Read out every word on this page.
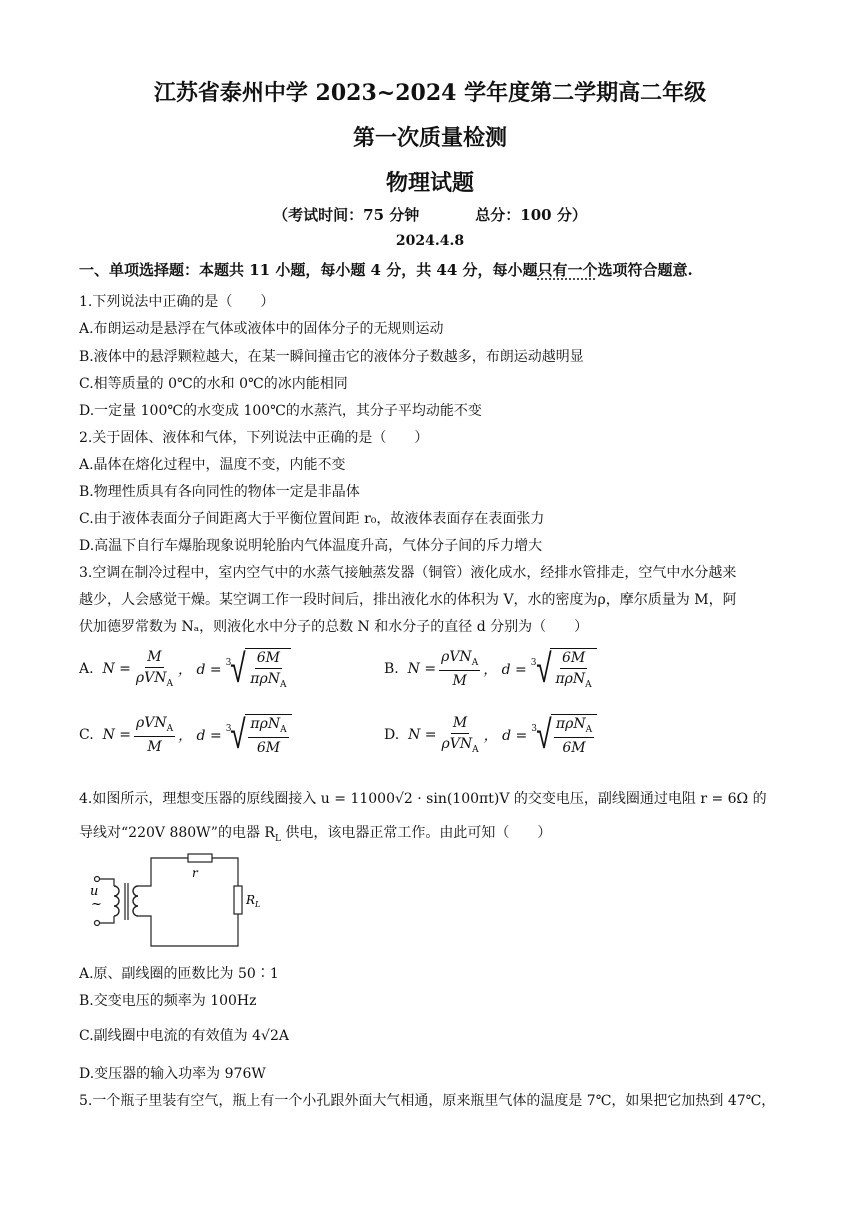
江苏省泰州中学 2023~2024 学年度第二学期高二年级
第一次质量检测
物理试题
（考试时间：75 分钟	总分：100 分）
2024.4.8
一、单项选择题：本题共 11 小题，每小题 4 分，共 44 分，每小题只有一个选项符合题意.
1.下列说法中正确的是（　　）
A.布朗运动是悬浮在气体或液体中的固体分子的无规则运动
B.液体中的悬浮颗粒越大，在某一瞬间撞击它的液体分子数越多，布朗运动越明显
C.相等质量的 0℃的水和 0℃的冰内能相同
D.一定量 100℃的水变成 100℃的水蒸汽，其分子平均动能不变
2.关于固体、液体和气体，下列说法中正确的是（　　）
A.晶体在熔化过程中，温度不变，内能不变
B.物理性质具有各向同性的物体一定是非晶体
C.由于液体表面分子间距离大于平衡位置间距 r₀，故液体表面存在表面张力
D.高温下自行车爆胎现象说明轮胎内气体温度升高，气体分子间的斥力增大
3.空调在制冷过程中，室内空气中的水蒸气接触蒸发器（铜管）液化成水，经排水管排走，空气中水分越来
越少，人会感觉干燥。某空调工作一段时间后，排出液化水的体积为 V，水的密度为ρ，摩尔质量为 M，阿
伏加德罗常数为 Nₐ，则液化水中分子的总数 N 和水分子的直径 d 分别为（　　）
A.
$N = \frac{M}{\rho VN_A}$ ， d = 3 √ $\frac{6M}{\pi\rho N_A}$	B.
$N = \frac{\rho VN_A}{M}$ ， d = 3 √ $\frac{6M}{\pi\rho N_A}$
C.
$N = \frac{\rho VN_A}{M}$ ， d = 3 √ $\frac{\pi\rho N_A}{6M}$	D.
$N = \frac{M}{\rho VN_A}$ ， d = 3 √ $\frac{\pi\rho N_A}{6M}$
4.如图所示，理想变压器的原线圈接入 u = 11000√2 · sin(100πt)V 的交变电压，副线圈通过电阻 r = 6Ω 的
导线对“220V 880W”的电器 $R_L$ 供电，该电器正常工作。由此可知（　　）
u
~
r
$R_L$
A.原、副线圈的匝数比为 50∶1
B.交变电压的频率为 100Hz
C.副线圈中电流的有效值为 4√2A
D.变压器的输入功率为 976W
5.一个瓶子里装有空气，瓶上有一个小孔跟外面大气相通，原来瓶里气体的温度是 7℃，如果把它加热到 47℃，
